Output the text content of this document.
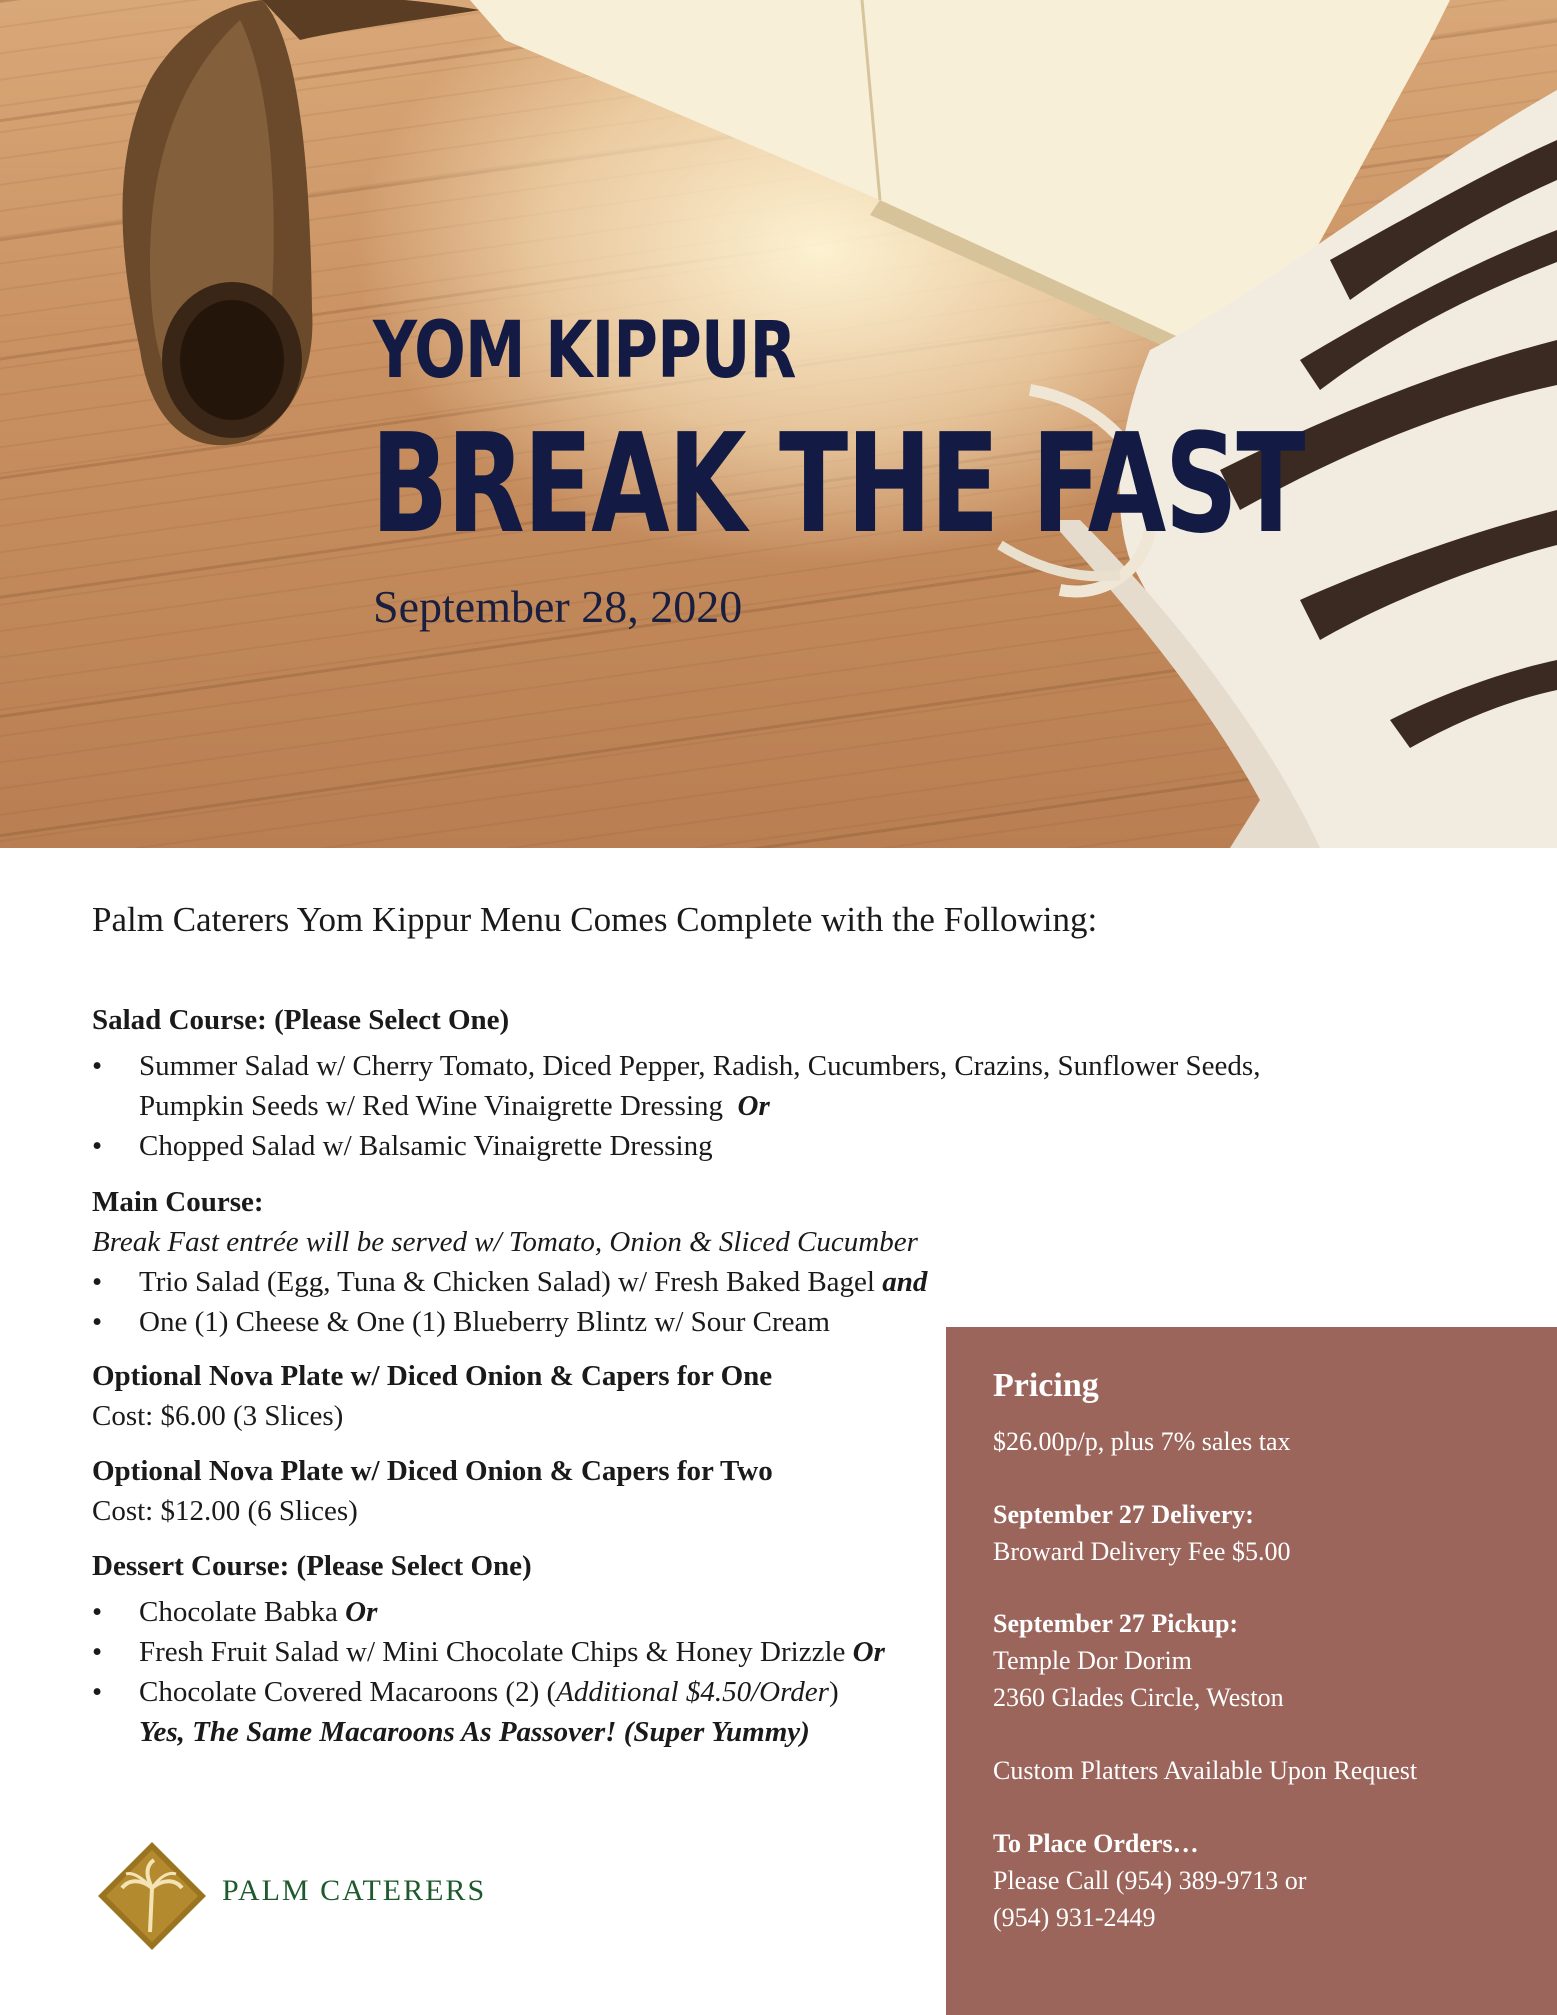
YOM KIPPUR
BREAK THE FAST

September 28, 2020

Palm Caterers Yom Kippur Menu Comes Complete with the Following:

Salad Course: (Please Select One)

• Summer Salad w/ Cherry Tomato, Diced Pepper, Radish, Cucumbers, Crazins, Sunflower Seeds,
Pumpkin Seeds w/ Red Wine Vinaigrette Dressing Or
• Chopped Salad w/ Balsamic Vinaigrette Dressing

Main Course:

Break Fast entrée will be served w/ Tomato, Onion & Sliced Cucumber

• Trio Salad (Egg, Tuna & Chicken Salad) w/ Fresh Baked Bagel and
• One (1) Cheese & One (1) Blueberry Blintz w/ Sour Cream

Optional Nova Plate w/ Diced Onion & Capers for One

Cost: $6.00 (3 Slices)

Optional Nova Plate w/ Diced Onion & Capers for Two

Cost: $12.00 (6 Slices)

Dessert Course: (Please Select One)

• Chocolate Babka Or
• Fresh Fruit Salad w/ Mini Chocolate Chips & Honey Drizzle Or
• Chocolate Covered Macaroons (2) (Additional $4.50/Order)
Yes, The Same Macaroons As Passover! (Super Yummy)

Pricing

$26.00p/p, plus 7% sales tax

September 27 Delivery:

Broward Delivery Fee $5.00

September 27 Pickup:

Temple Dor Dorim

2360 Glades Circle, Weston

Custom Platters Available Upon Request

To Place Orders…

Please Call (954) 389-9713 or

(954) 931-2449

PALM CATERERS
